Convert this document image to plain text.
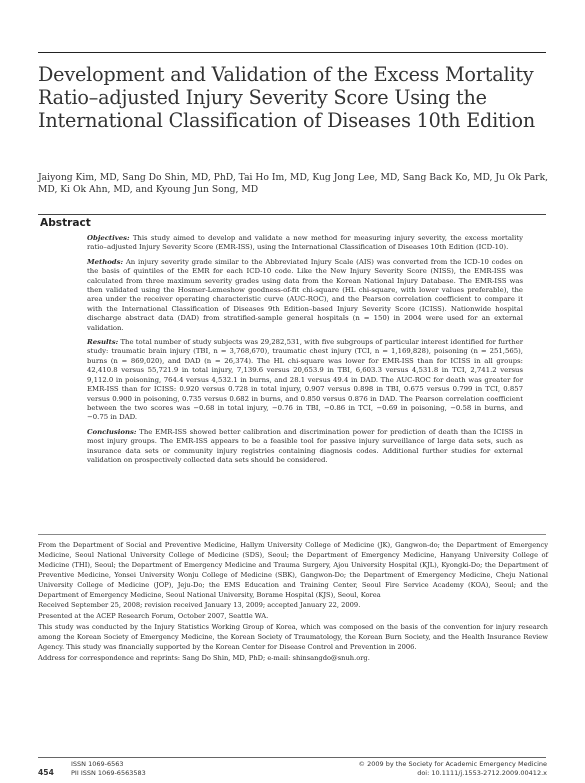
Development and Validation of the Excess Mortality Ratio–adjusted Injury Severity Score Using the International Classification of Diseases 10th Edition

Jaiyong Kim, MD, Sang Do Shin, MD, PhD, Tai Ho Im, MD, Kug Jong Lee, MD, Sang Back Ko, MD, Ju Ok Park, MD, Ki Ok Ahn, MD, and Kyoung Jun Song, MD

Abstract

Objectives: This study aimed to develop and validate a new method for measuring injury severity, the excess mortality ratio–adjusted Injury Severity Score (EMR-ISS), using the International Classification of Diseases 10th Edition (ICD-10).

Methods: An injury severity grade similar to the Abbreviated Injury Scale (AIS) was converted from the ICD-10 codes on the basis of quintiles of the EMR for each ICD-10 code. Like the New Injury Severity Score (NISS), the EMR-ISS was calculated from three maximum severity grades using data from the Korean National Injury Database. The EMR-ISS was then validated using the Hosmer-Lemeshow goodness-of-fit chi-square (HL chi-square, with lower values preferable), the area under the receiver operating characteristic curve (AUC-ROC), and the Pearson correlation coefficient to compare it with the International Classification of Diseases 9th Edition–based Injury Severity Score (ICISS). Nationwide hospital discharge abstract data (DAD) from stratified-sample general hospitals (n = 150) in 2004 were used for an external validation.

Results: The total number of study subjects was 29,282,531, with five subgroups of particular interest identified for further study: traumatic brain injury (TBI, n = 3,768,670), traumatic chest injury (TCI, n = 1,169,828), poisoning (n = 251,565), burns (n = 869,020), and DAD (n = 26,374). The HL chi-square was lower for EMR-ISS than for ICISS in all groups: 42,410.8 versus 55,721.9 in total injury, 7,139.6 versus 20,653.9 in TBI, 6,603.3 versus 4,531.8 in TCI, 2,741.2 versus 9,112.0 in poisoning, 764.4 versus 4,532.1 in burns, and 28.1 versus 49.4 in DAD. The AUC-ROC for death was greater for EMR-ISS than for ICISS: 0.920 versus 0.728 in total injury, 0.907 versus 0.898 in TBI, 0.675 versus 0.799 in TCI, 0.857 versus 0.900 in poisoning, 0.735 versus 0.682 in burns, and 0.850 versus 0.876 in DAD. The Pearson correlation coefficient between the two scores was −0.68 in total injury, −0.76 in TBI, −0.86 in TCI, −0.69 in poisoning, −0.58 in burns, and −0.75 in DAD.

Conclusions: The EMR-ISS showed better calibration and discrimination power for prediction of death than the ICISS in most injury groups. The EMR-ISS appears to be a feasible tool for passive injury surveillance of large data sets, such as insurance data sets or community injury registries containing diagnosis codes. Additional further studies for external validation on prospectively collected data sets should be considered.

From the Department of Social and Preventive Medicine, Hallym University College of Medicine (JK), Gangwon-do; the Department of Emergency Medicine, Seoul National University College of Medicine (SDS), Seoul; the Department of Emergency Medicine, Hanyang University College of Medicine (THI), Seoul; the Department of Emergency Medicine and Trauma Surgery, Ajou University Hospital (KJL), Kyongki-Do; the Department of Preventive Medicine, Yonsei University Wonju College of Medicine (SBK), Gangwon-Do; the Department of Emergency Medicine, Cheju National University College of Medicine (JOP), Jeju-Do; the EMS Education and Training Center, Seoul Fire Service Academy (KOA), Seoul; and the Department of Emergency Medicine, Seoul National University, Borame Hospital (KJS), Seoul, Korea

Received September 25, 2008; revision received January 13, 2009; accepted January 22, 2009.

Presented at the ACEP Research Forum, October 2007, Seattle WA.

This study was conducted by the Injury Statistics Working Group of Korea, which was composed on the basis of the convention for injury research among the Korean Society of Emergency Medicine, the Korean Society of Traumatology, the Korean Burn Society, and the Health Insurance Review Agency. This study was financially supported by the Korean Center for Disease Control and Prevention in 2006.

Address for correspondence and reprints: Sang Do Shin, MD, PhD; e-mail: shinsangdo@snuh.org.

454
ISSN 1069-6563
PII ISSN 1069-6563583
© 2009 by the Society for Academic Emergency Medicine
doi: 10.1111/j.1553-2712.2009.00412.x
